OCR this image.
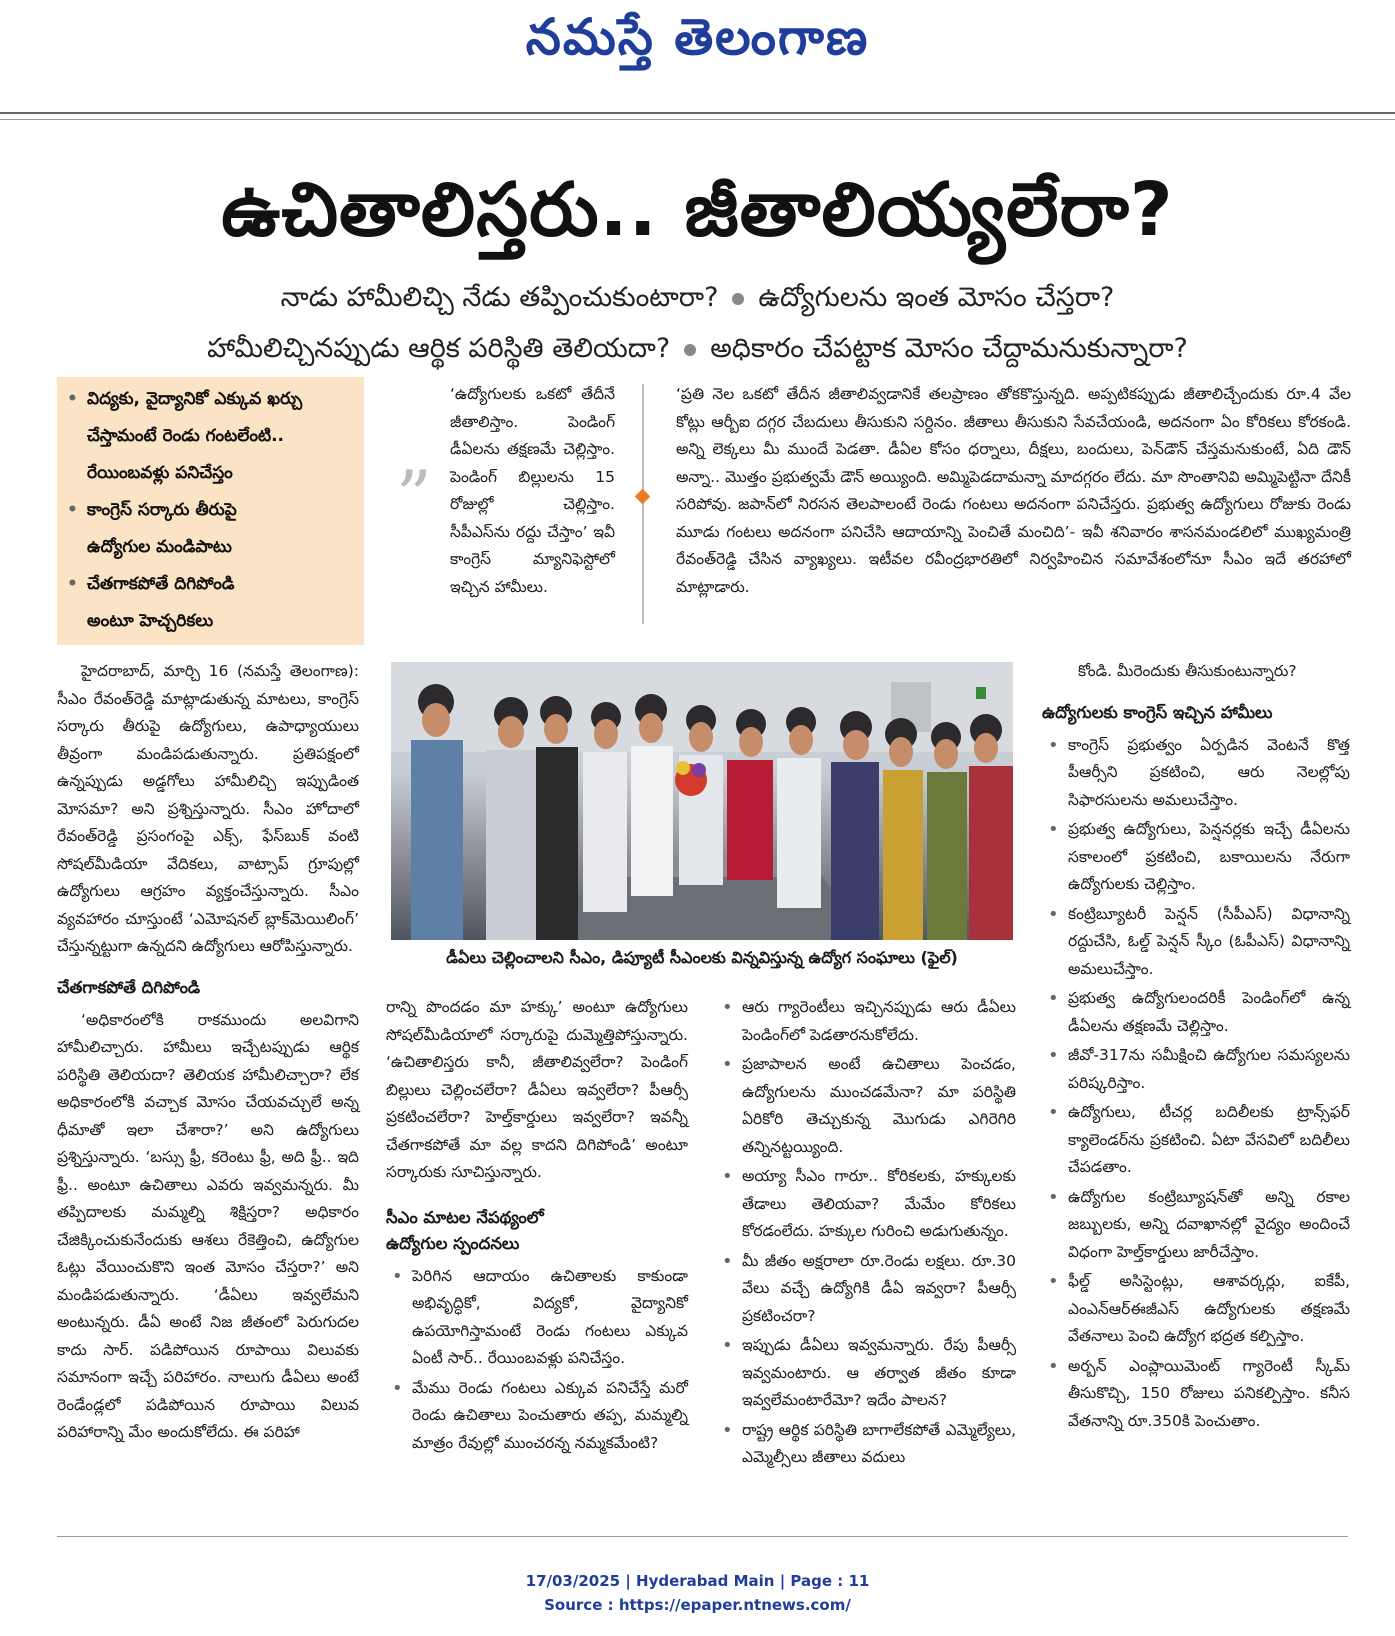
నమస్తే తెలంగాణ
ఉచితాలిస్తరు.. జీతాలియ్యలేరా?
నాడు హామీలిచ్చి నేడు తప్పించుకుంటారా? ఉద్యోగులను ఇంత మోసం చేస్తరా?
హామీలిచ్చినప్పుడు ఆర్థిక పరిస్థితి తెలియదా? అధికారం చేపట్టాక మోసం చేద్దామనుకున్నారా?
• విద్యకు, వైద్యానికో ఎక్కువ ఖర్చు
చేస్తామంటే రెండు గంటలేంటి..
రేయింబవళ్లు పనిచేస్తం
• కాంగ్రెస్ సర్కారు తీరుపై
ఉద్యోగుల మండిపాటు
• చేతగాకపోతే దిగిపోండి
అంటూ హెచ్చరికలు
”
‘ఉద్యోగులకు ఒకటో తేదీనే జీతాలిస్తాం. పెండింగ్ డీఏలను తక్షణమే చెల్లిస్తాం. పెండింగ్ బిల్లులను 15 రోజుల్లో చెల్లిస్తాం. సీపీఎస్‌ను రద్దు చేస్తాం’ ఇవీ కాంగ్రెస్ మ్యానిఫెస్టోలో ఇచ్చిన హామీలు.
‘ప్రతి నెల ఒకటో తేదీన జీతాలివ్వడానికే తలప్రాణం తోకకొస్తున్నది. అప్పటికప్పుడు జీతాలిచ్చేందుకు రూ.4 వేల కోట్లు ఆర్బీఐ దగ్గర చేబదులు తీసుకుని సర్దినం. జీతాలు తీసుకుని సేవచేయండి, అదనంగా ఏం కోరికలు కోరకండి. అన్ని లెక్కలు మీ ముందే పెడతా. డీఏల కోసం ధర్నాలు, దీక్షలు, బందులు, పెన్‌డౌన్ చేస్తమనుకుంటే, ఏది డౌన్ అన్నా.. మొత్తం ప్రభుత్వమే డౌన్ అయ్యింది. అమ్మిపెడదామన్నా మాదగ్గరం లేదు. మా సొంతానివి అమ్మిపెట్టినా దేనికీ సరిపోవు. జపాన్‌లో నిరసన తెలపాలంటే రెండు గంటలు అదనంగా పనిచేస్తరు. ప్రభుత్వ ఉద్యోగులు రోజుకు రెండు మూడు గంటలు అదనంగా పనిచేసి ఆదాయాన్ని పెంచితే మంచిది’- ఇవీ శనివారం శాసనమండలిలో ముఖ్యమంత్రి రేవంత్‌రెడ్డి చేసిన వ్యాఖ్యలు. ఇటీవల రవీంద్రభారతిలో నిర్వహించిన సమావేశంలోనూ సీఎం ఇదే తరహాలో మాట్లాడారు.

హైదరాబాద్, మార్చి 16 (నమస్తే తెలంగాణ): సీఎం రేవంత్‌రెడ్డి మాట్లాడుతున్న మాటలు, కాంగ్రెస్ సర్కారు తీరుపై ఉద్యోగులు, ఉపాధ్యాయులు తీవ్రంగా మండిపడుతున్నారు. ప్రతిపక్షంలో ఉన్నప్పుడు అడ్డగోలు హామీలిచ్చి ఇప్పుడింత మోసమా? అని ప్రశ్నిస్తున్నారు. సీఎం హోదాలో రేవంత్‌రెడ్డి ప్రసంగంపై ఎక్స్, ఫేస్‌బుక్ వంటి సోషల్‌మీడియా వేదికలు, వాట్సాప్ గ్రూపుల్లో ఉద్యోగులు ఆగ్రహం వ్యక్తంచేస్తున్నారు. సీఎం వ్యవహారం చూస్తుంటే ‘ఎమోషనల్ బ్లాక్‌మెయిలింగ్’ చేస్తున్నట్టుగా ఉన్నదని ఉద్యోగులు ఆరోపిస్తున్నారు.

చేతగాకపోతే దిగిపోండి

‘అధికారంలోకి రాకముందు అలవిగాని హామీలిచ్చారు. హామీలు ఇచ్చేటప్పుడు ఆర్థిక పరిస్థితి తెలియదా? తెలియక హామీలిచ్చారా? లేక అధికారంలోకి వచ్చాక మోసం చేయవచ్చులే అన్న ధీమాతో ఇలా చేశారా?’ అని ఉద్యోగులు ప్రశ్నిస్తున్నారు. ‘బస్సు ఫ్రీ, కరెంటు ఫ్రీ, అది ఫ్రీ.. ఇది ఫ్రీ.. అంటూ ఉచితాలు ఎవరు ఇవ్వమన్నరు. మీ తప్పిదాలకు మమ్మల్ని శిక్షిస్తరా? అధికారం చేజిక్కించుకునేందుకు ఆశలు రేకెత్తించి, ఉద్యోగుల ఓట్లు వేయించుకొని ఇంత మోసం చేస్తరా?’ అని మండిపడుతున్నారు. ‘డీఏలు ఇవ్వలేమని అంటున్నరు. డీఏ అంటే నిజ జీతంలో పెరుగుదల కాదు సార్. పడిపోయిన రూపాయి విలువకు సమానంగా ఇచ్చే పరిహారం. నాలుగు డీఏలు అంటే రెండేండ్లలో పడిపోయిన రూపాయి విలువ పరిహారాన్ని మేం అందుకోలేదు. ఈ పరిహా

డీఏలు చెల్లించాలని సీఎం, డిప్యూటీ సీఎంలకు విన్నవిస్తున్న ఉద్యోగ సంఘాలు (ఫైల్)

రాన్ని పొందడం మా హక్కు’ అంటూ ఉద్యోగులు సోషల్‌మీడియాలో సర్కారుపై దుమ్మెత్తిపోస్తున్నారు. ‘ఉచితాలిస్తరు కానీ, జీతాలివ్వలేరా? పెండింగ్ బిల్లులు చెల్లించలేరా? డీఏలు ఇవ్వలేరా? పీఆర్సీ ప్రకటించలేరా? హెల్త్‌కార్డులు ఇవ్వలేరా? ఇవన్నీ చేతగాకపోతే మా వల్ల కాదని దిగిపోండి’ అంటూ సర్కారుకు సూచిస్తున్నారు.

సీఎం మాటల నేపథ్యంలో
ఉద్యోగుల స్పందనలు
• పెరిగిన ఆదాయం ఉచితాలకు కాకుండా అభివృద్ధికో, విద్యకో, వైద్యానికో ఉపయోగిస్తామంటే రెండు గంటలు ఎక్కువ ఏంటీ సార్.. రేయింబవళ్లు పనిచేస్తం.
• మేము రెండు గంటలు ఎక్కువ పనిచేస్తే మరో రెండు ఉచితాలు పెంచుతారు తప్ప, మమ్మల్ని మాత్రం రేవుల్లో ముంచరన్న నమ్మకమేంటి?
• ఆరు గ్యారెంటీలు ఇచ్చినప్పుడు ఆరు డీఏలు పెండింగ్‌లో పెడతారనుకోలేదు.
• ప్రజాపాలన అంటే ఉచితాలు పెంచడం, ఉద్యోగులను ముంచడమేనా? మా పరిస్థితి ఏరికోరి తెచ్చుకున్న మొగుడు ఎగిరెగిరి తన్నినట్టయ్యింది.
• అయ్యా సీఎం గారూ.. కోరికలకు, హక్కులకు తేడాలు తెలియవా? మేమేం కోరికలు కోరడంలేదు. హక్కుల గురించి అడుగుతున్నం.
• మీ జీతం అక్షరాలా రూ.రెండు లక్షలు. రూ.30 వేలు వచ్చే ఉద్యోగికి డీఏ ఇవ్వరా? పీఆర్సీ ప్రకటించరా?
• ఇప్పుడు డీఏలు ఇవ్వమన్నారు. రేపు పీఆర్సీ ఇవ్వమంటారు. ఆ తర్వాత జీతం కూడా ఇవ్వలేమంటారేమో? ఇదేం పాలన?
• రాష్ట్ర ఆర్థిక పరిస్థితి బాగాలేకపోతే ఎమ్మెల్యేలు, ఎమ్మెల్సీలు జీతాలు వదులు

కోండి. మీరెందుకు తీసుకుంటున్నారు?

ఉద్యోగులకు కాంగ్రెస్ ఇచ్చిన హామీలు
• కాంగ్రెస్ ప్రభుత్వం ఏర్పడిన వెంటనే కొత్త పీఆర్సీని ప్రకటించి, ఆరు నెలల్లోపు సిఫారసులను అమలుచేస్తాం.
• ప్రభుత్వ ఉద్యోగులు, పెన్షనర్లకు ఇచ్చే డీఏలను సకాలంలో ప్రకటించి, బకాయిలను నేరుగా ఉద్యోగులకు చెల్లిస్తాం.
• కంట్రిబ్యూటరీ పెన్షన్ (సీపీఎస్) విధానాన్ని రద్దుచేసి, ఓల్డ్ పెన్షన్ స్కీం (ఓపీఎస్) విధానాన్ని అమలుచేస్తాం.
• ప్రభుత్వ ఉద్యోగులందరికీ పెండింగ్‌లో ఉన్న డీఏలను తక్షణమే చెల్లిస్తాం.
• జీవో-317ను సమీక్షించి ఉద్యోగుల సమస్యలను పరిష్కరిస్తాం.
• ఉద్యోగులు, టీచర్ల బదిలీలకు ట్రాన్స్‌ఫర్ క్యాలెండర్‌ను ప్రకటించి. ఏటా వేసవిలో బదిలీలు చేపడతాం.
• ఉద్యోగుల కంట్రిబ్యూషన్‌తో అన్ని రకాల జబ్బులకు, అన్ని దవాఖానల్లో వైద్యం అందించే విధంగా హెల్త్‌కార్డులు జారీచేస్తాం.
• ఫీల్డ్ అసిస్టెంట్లు, ఆశావర్కర్లు, ఐకేపీ, ఎంఎన్ఆర్ఈజీఎస్ ఉద్యోగులకు తక్షణమే వేతనాలు పెంచి ఉద్యోగ భద్రత కల్పిస్తాం.
• అర్బన్ ఎంప్లాయిమెంట్ గ్యారెంటీ స్కీమ్ తీసుకొచ్చి, 150 రోజులు పనికల్పిస్తాం. కనీస వేతనాన్ని రూ.350కి పెంచుతాం.
17/03/2025 | Hyderabad Main | Page : 11
Source : https://epaper.ntnews.com/
